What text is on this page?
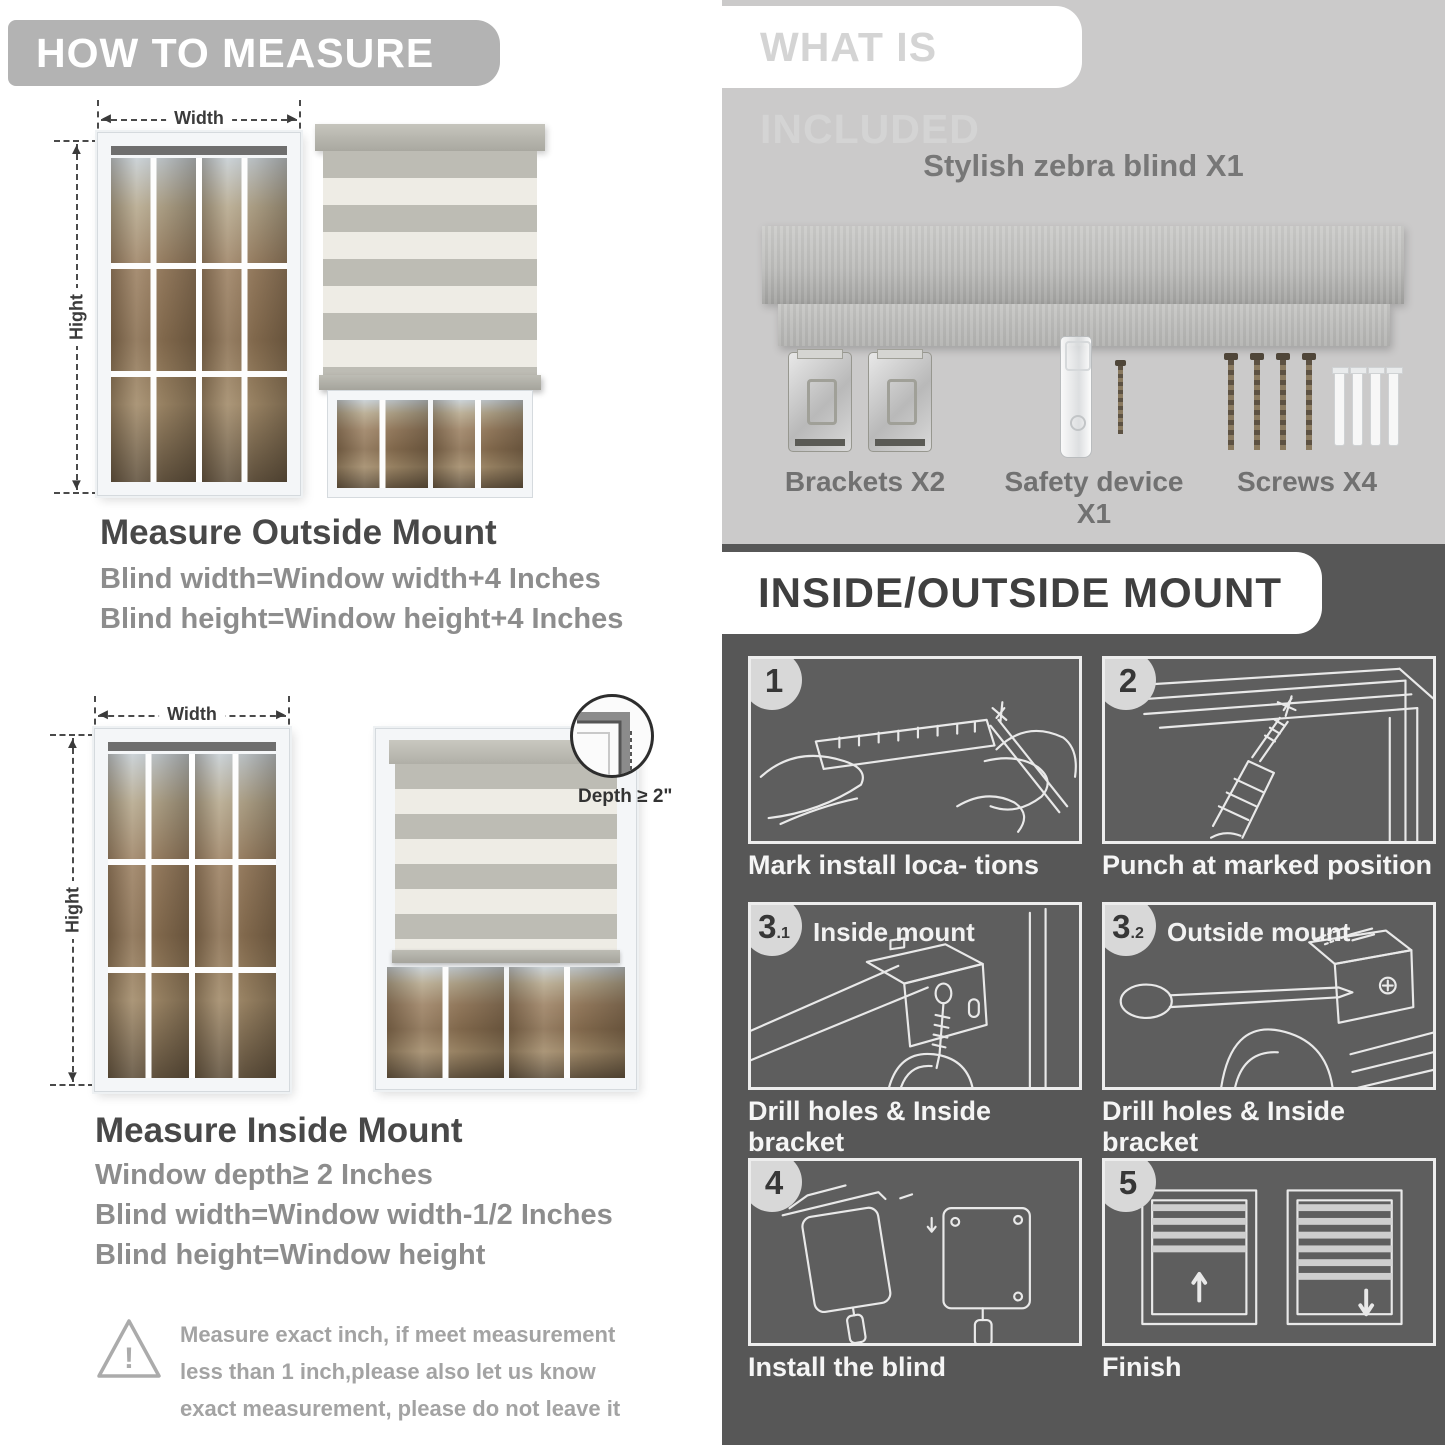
HOW TO MEASURE
◄	►
Width
▲
▼
Hight
Measure Outside Mount
Blind width=Window width+4 Inches
Blind height=Window height+4 Inches
◄	►
Width
▲
▼
Hight
Depth ≥ 2"
Measure Inside Mount
Window depth≥ 2 Inches
Blind width=Window width-1/2 Inches
Blind height=Window height
!
Measure exact inch, if meet measurement less than 1 inch,please also let us know exact measurement, please do not leave it
WHAT IS INCLUDED
Stylish zebra blind X1
Brackets X2	Safety device X1
Screws X4
INSIDE/OUTSIDE MOUNT
1
Mark install loca- tions
2
Punch at marked position
3 .1 Inside mount
Drill holes & Inside bracket
3 .2 Outside mount
Drill holes & Inside bracket
4
Install the blind
5
Finish
